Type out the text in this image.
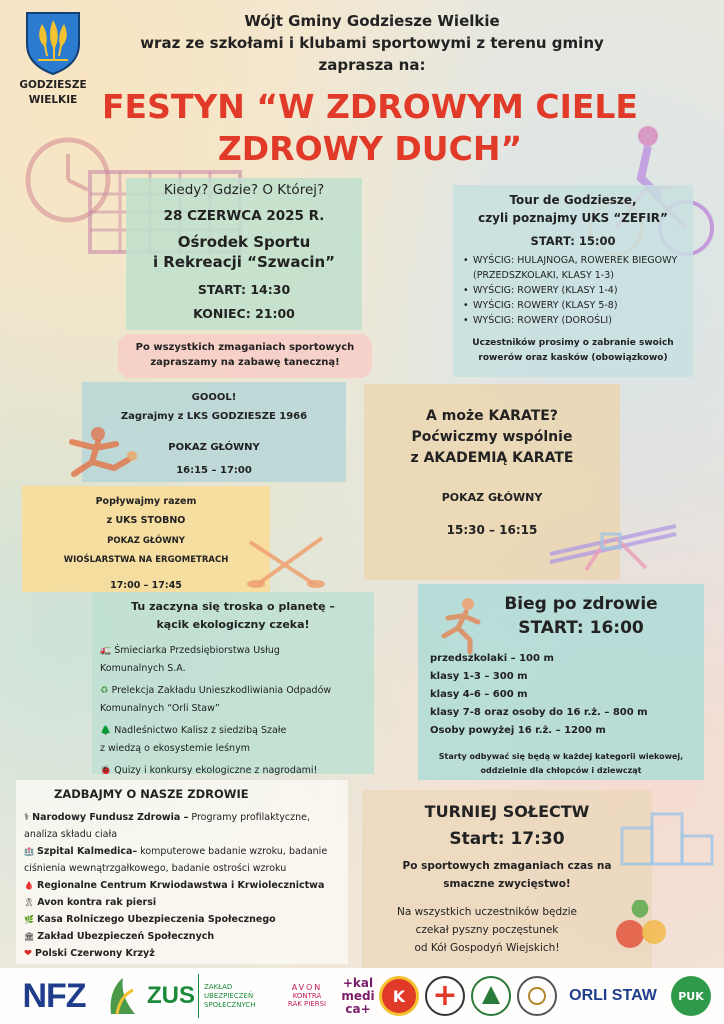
GODZIESZE
WIELKIE
Wójt Gminy Godziesze Wielkie
wraz ze szkołami i klubami sportowymi z terenu gminy
zaprasza na:
FESTYN “W ZDROWYM CIELE
ZDROWY DUCH”
Kiedy? Gdzie? O Której?
28 CZERWCA 2025 R.
Ośrodek Sportu
i Rekreacji “Szwacin”
START: 14:30
KONIEC: 21:00
Po wszystkich zmaganiach sportowych
zapraszamy na zabawę taneczną!
Tour de Godziesze,
czyli poznajmy UKS “ZEFIR”
START: 15:00
• WYŚCIG: HULAJNOGA, ROWEREK BIEGOWY (PRZEDSZKOLAKI, KLASY 1-3)
• WYŚCIG: ROWERY (KLASY 1-4)
• WYŚCIG: ROWERY (KLASY 5-8)
• WYŚCIG: ROWERY (DOROŚLI)
Uczestników prosimy o zabranie swoich
rowerów oraz kasków (obowiązkowo)
GOOOL!
Zagrajmy z LKS GODZIESZE 1966
POKAZ GŁÓWNY
16:15 – 17:00
A może KARATE?
Poćwiczmy wspólnie
z AKADEMIĄ KARATE
POKAZ GŁÓWNY
15:30 – 16:15
Popływajmy razem
z UKS STOBNO
POKAZ GŁÓWNY
WIOŚLARSTWA NA ERGOMETRACH
17:00 – 17:45
Tu zaczyna się troska o planetę –
kącik ekologiczny czeka!
🚛 Śmieciarka Przedsiębiorstwa Usług
Komunalnych S.A.
♻ Prelekcja Zakładu Unieszkodliwiania Odpadów
Komunalnych “Orli Staw”
🌲 Nadleśnictwo Kalisz z siedzibą Szałe
z wiedzą o ekosystemie leśnym
🐞 Quizy i konkursy ekologiczne z nagrodami!
Bieg po zdrowie
START: 16:00
przedszkolaki – 100 m
klasy 1-3 – 300 m
klasy 4-6 – 600 m
klasy 7-8 oraz osoby do 16 r.ż. – 800 m
Osoby powyżej 16 r.ż. – 1200 m
Starty odbywać się będą w każdej kategorii wiekowej,
oddzielnie dla chłopców i dziewcząt
ZADBAJMY O NASZE ZDROWIE
⚕ Narodowy Fundusz Zdrowia – Programy profilaktyczne,
analiza składu ciała
🏥 Szpital Kalmedica– komputerowe badanie wzroku, badanie
ciśnienia wewnątrzgałkowego, badanie ostrości wzroku
🩸 Regionalne Centrum Krwiodawstwa i Krwiolecznictwa
🎗 Avon kontra rak piersi
🌿 Kasa Rolniczego Ubezpieczenia Społecznego
🏛 Zakład Ubezpieczeń Społecznych
❤ Polski Czerwony Krzyż
TURNIEJ SOŁECTW
Start: 17:30
Po sportowych zmaganiach czas na
smaczne zwycięstwo!
Na wszystkich uczestników będzie
czekał pyszny poczęstunek
od Kół Gospodyń Wiejskich!
NFZ	ZUS ZAKŁAD
UBEZPIECZEŃ
SPOŁECZNYCH
AVON
KONTRA
RAK PIERSI
+kal medica+
K +	ORLI STAW PUK
